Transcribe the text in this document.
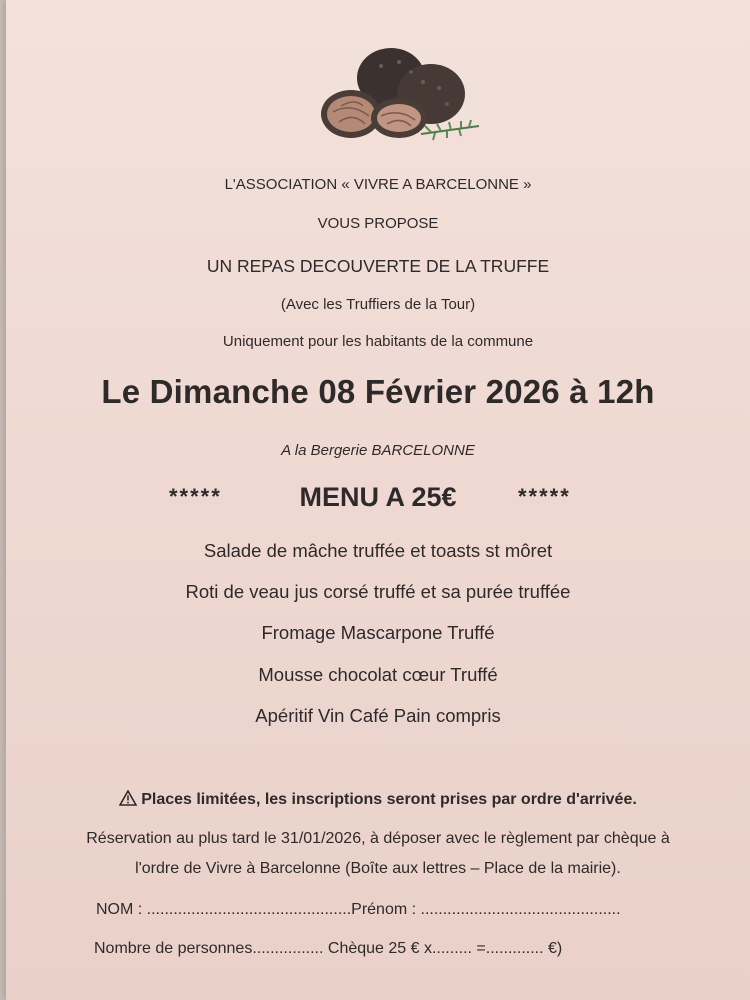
L'ASSOCIATION « VIVRE A BARCELONNE »
VOUS PROPOSE
UN REPAS DECOUVERTE DE LA TRUFFE
(Avec les Truffiers de la Tour)
Uniquement pour les habitants de la commune
Le Dimanche 08 Février 2026 à 12h
A la Bergerie BARCELONNE
*****	MENU A 25€	*****
Salade de mâche truffée et toasts st môret
Roti de veau jus corsé truffé et sa purée truffée
Fromage Mascarpone Truffé
Mousse chocolat cœur Truffé
Apéritif Vin Café Pain compris
Places limitées, les inscriptions seront prises par ordre d'arrivée.
Réservation au plus tard le 31/01/2026, à déposer avec le règlement par chèque à
l'ordre de Vivre à Barcelonne (Boîte aux lettres – Place de la mairie).
NOM : ..............................................Prénom : .............................................
Nombre de personnes................ Chèque 25 € x......... =............. €)
